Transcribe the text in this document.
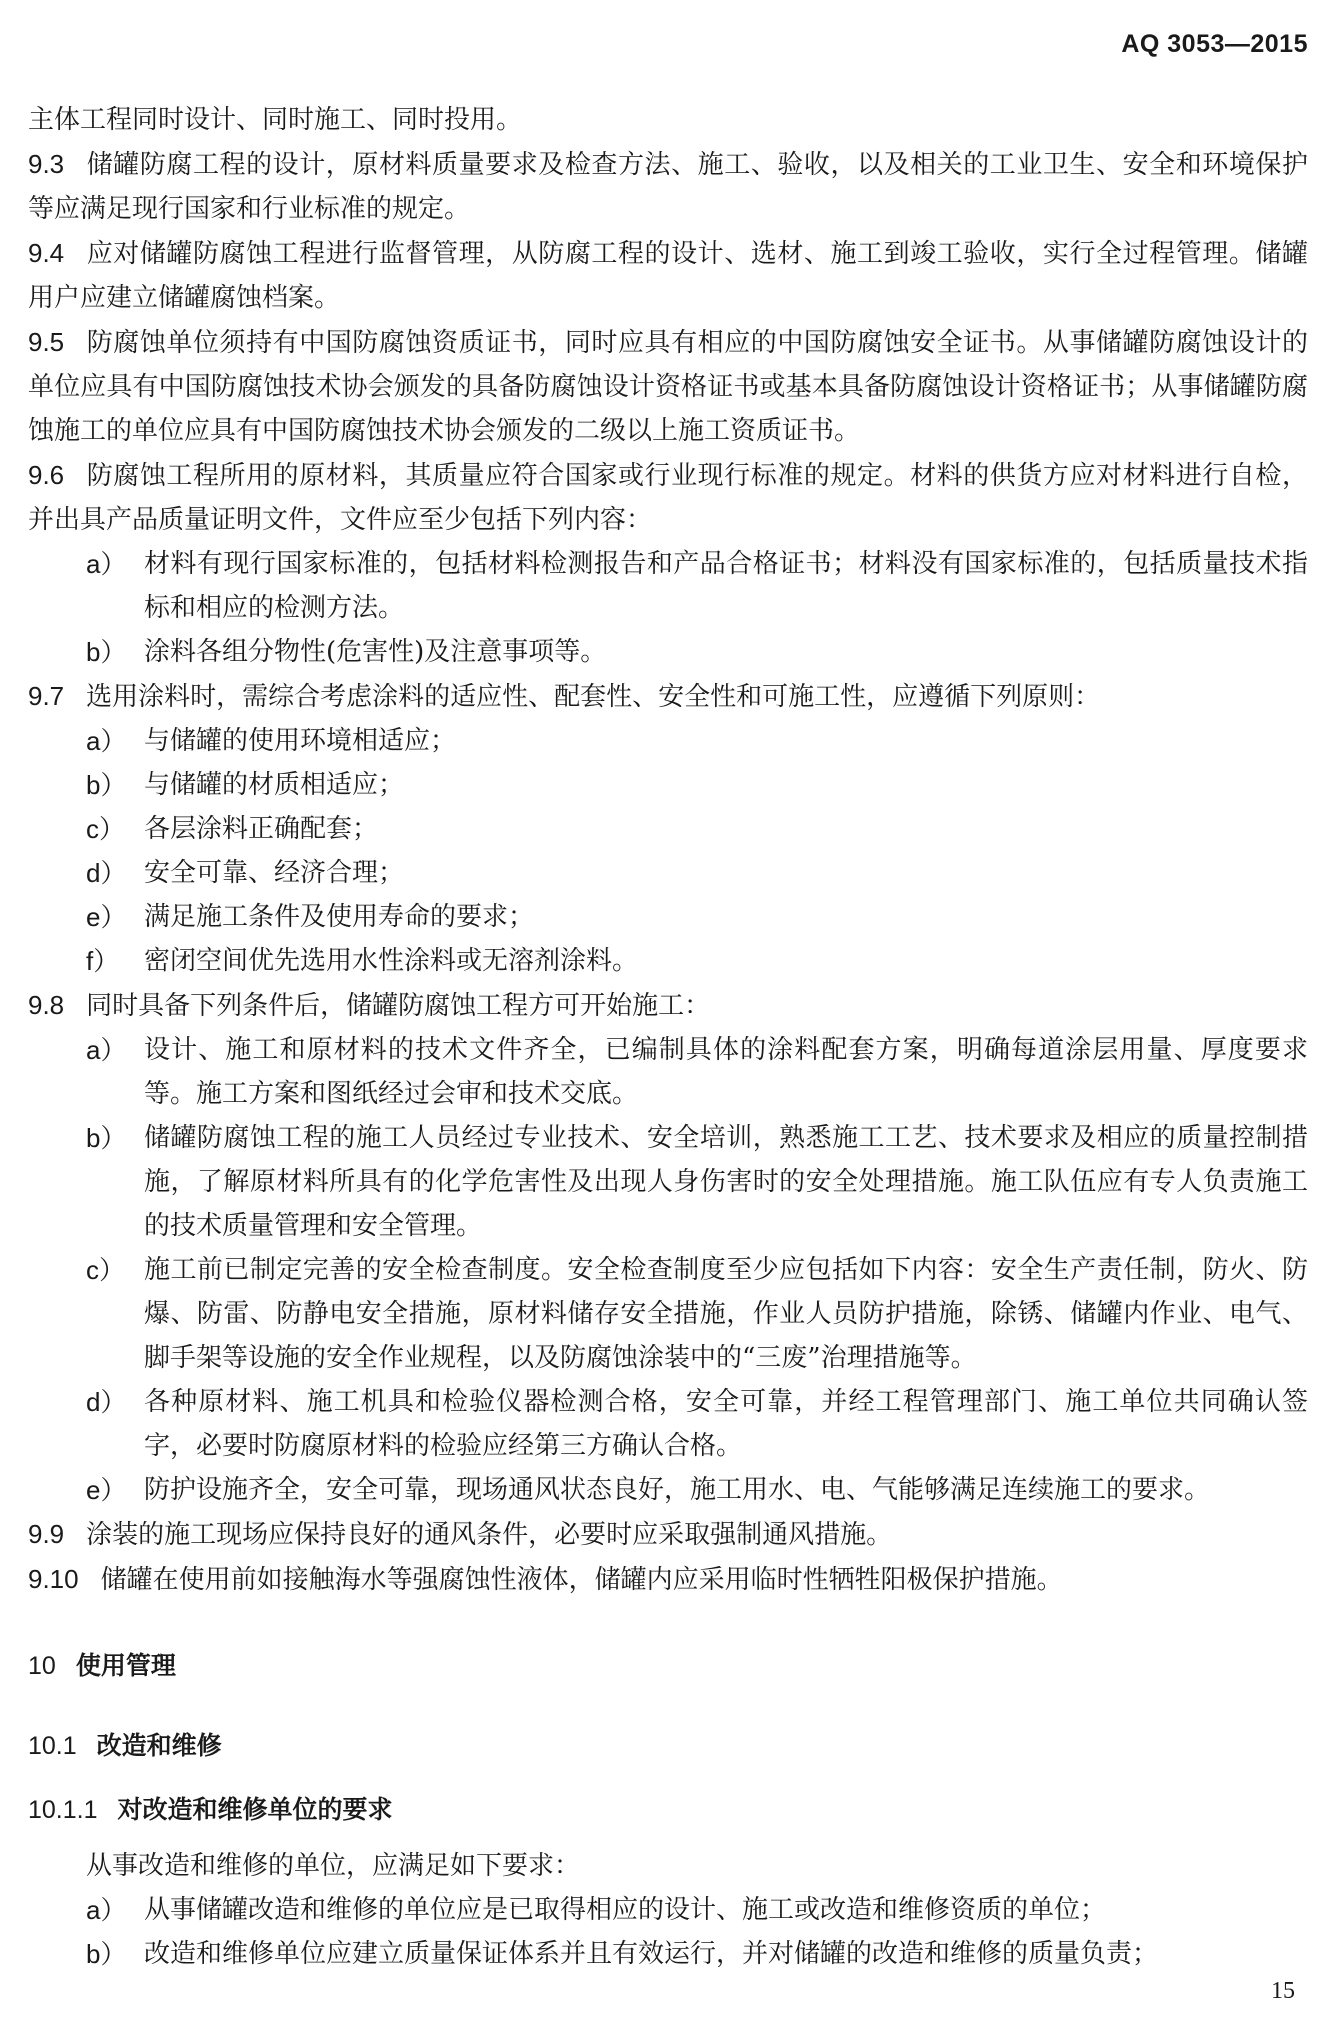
AQ 3053—2015

主体工程同时设计、同时施工、同时投用。

9.3 储罐防腐工程的设计，原材料质量要求及检查方法、施工、验收，以及相关的工业卫生、安全和环境保护等应满足现行国家和行业标准的规定。

9.4 应对储罐防腐蚀工程进行监督管理，从防腐工程的设计、选材、施工到竣工验收，实行全过程管理。储罐用户应建立储罐腐蚀档案。

9.5 防腐蚀单位须持有中国防腐蚀资质证书，同时应具有相应的中国防腐蚀安全证书。从事储罐防腐蚀设计的单位应具有中国防腐蚀技术协会颁发的具备防腐蚀设计资格证书或基本具备防腐蚀设计资格证书；从事储罐防腐蚀施工的单位应具有中国防腐蚀技术协会颁发的二级以上施工资质证书。

9.6 防腐蚀工程所用的原材料，其质量应符合国家或行业现行标准的规定。材料的供货方应对材料进行自检，并出具产品质量证明文件，文件应至少包括下列内容：

a） 材料有现行国家标准的，包括材料检测报告和产品合格证书；材料没有国家标准的，包括质量技术指标和相应的检测方法。
b） 涂料各组分物性(危害性)及注意事项等。

9.7 选用涂料时，需综合考虑涂料的适应性、配套性、安全性和可施工性，应遵循下列原则：

a） 与储罐的使用环境相适应；
b） 与储罐的材质相适应；
c） 各层涂料正确配套；
d） 安全可靠、经济合理；
e） 满足施工条件及使用寿命的要求；
f） 密闭空间优先选用水性涂料或无溶剂涂料。

9.8 同时具备下列条件后，储罐防腐蚀工程方可开始施工：

a） 设计、施工和原材料的技术文件齐全，已编制具体的涂料配套方案，明确每道涂层用量、厚度要求等。施工方案和图纸经过会审和技术交底。
b） 储罐防腐蚀工程的施工人员经过专业技术、安全培训，熟悉施工工艺、技术要求及相应的质量控制措施，了解原材料所具有的化学危害性及出现人身伤害时的安全处理措施。施工队伍应有专人负责施工的技术质量管理和安全管理。
c） 施工前已制定完善的安全检查制度。安全检查制度至少应包括如下内容：安全生产责任制，防火、防爆、防雷、防静电安全措施，原材料储存安全措施，作业人员防护措施，除锈、储罐内作业、电气、脚手架等设施的安全作业规程，以及防腐蚀涂装中的“三废”治理措施等。
d） 各种原材料、施工机具和检验仪器检测合格，安全可靠，并经工程管理部门、施工单位共同确认签字，必要时防腐原材料的检验应经第三方确认合格。
e） 防护设施齐全，安全可靠，现场通风状态良好，施工用水、电、气能够满足连续施工的要求。

9.9 涂装的施工现场应保持良好的通风条件，必要时应采取强制通风措施。

9.10 储罐在使用前如接触海水等强腐蚀性液体，储罐内应采用临时性牺牲阳极保护措施。

10 使用管理
10.1 改造和维修
10.1.1 对改造和维修单位的要求

从事改造和维修的单位，应满足如下要求：

a） 从事储罐改造和维修的单位应是已取得相应的设计、施工或改造和维修资质的单位；
b） 改造和维修单位应建立质量保证体系并且有效运行，并对储罐的改造和维修的质量负责；
15
